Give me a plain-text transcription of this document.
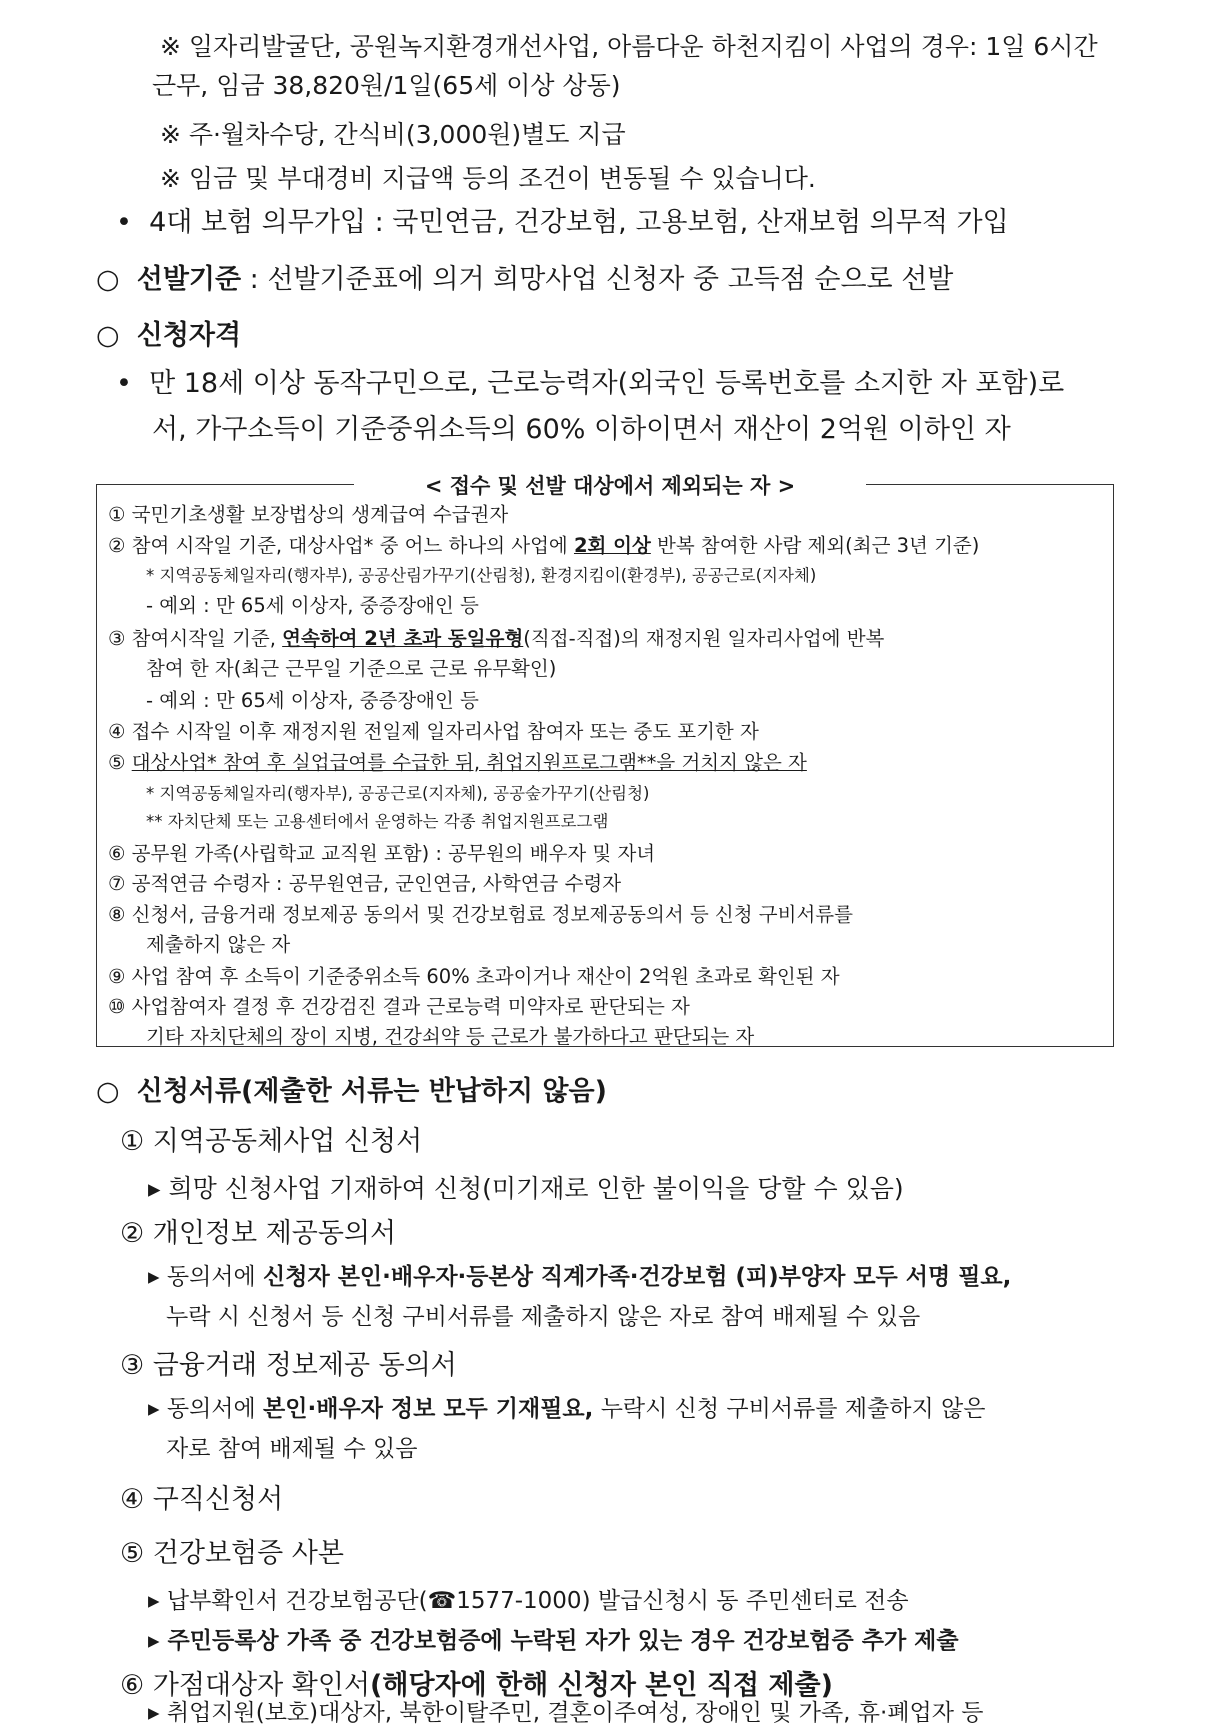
※ 일자리발굴단, 공원녹지환경개선사업, 아름다운 하천지킴이 사업의 경우: 1일 6시간
근무, 임금 38,820원/1일(65세 이상 상동)
※ 주·월차수당, 간식비(3,000원)별도 지급
※ 임금 및 부대경비 지급액 등의 조건이 변동될 수 있습니다.
•  4대 보험 의무가입 : 국민연금, 건강보험, 고용보험, 산재보험 의무적 가입
○ 선발기준 : 선발기준표에 의거 희망사업 신청자 중 고득점 순으로 선발
○ 신청자격
•  만 18세 이상 동작구민으로, 근로능력자(외국인 등록번호를 소지한 자 포함)로
서, 가구소득이 기준중위소득의 60% 이하이면서 재산이 2억원 이하인 자
< 접수 및 선발 대상에서 제외되는 자 >
① 국민기초생활 보장법상의 생계급여 수급권자
② 참여 시작일 기준, 대상사업* 중 어느 하나의 사업에 2회 이상 반복 참여한 사람 제외(최근 3년 기준)
* 지역공동체일자리(행자부), 공공산림가꾸기(산림청), 환경지킴이(환경부), 공공근로(지자체)
- 예외 : 만 65세 이상자, 중증장애인 등
③ 참여시작일 기준, 연속하여 2년 초과 동일유형(직접-직접)의 재정지원 일자리사업에 반복
참여 한 자(최근 근무일 기준으로 근로 유무확인)
- 예외 : 만 65세 이상자, 중증장애인 등
④ 접수 시작일 이후 재정지원 전일제 일자리사업 참여자 또는 중도 포기한 자
⑤ 대상사업* 참여 후 실업급여를 수급한 뒤, 취업지원프로그램**을 거치지 않은 자
* 지역공동체일자리(행자부), 공공근로(지자체), 공공숲가꾸기(산림청)
** 자치단체 또는 고용센터에서 운영하는 각종 취업지원프로그램
⑥ 공무원 가족(사립학교 교직원 포함) : 공무원의 배우자 및 자녀
⑦ 공적연금 수령자 : 공무원연금, 군인연금, 사학연금 수령자
⑧ 신청서, 금융거래 정보제공 동의서 및 건강보험료 정보제공동의서 등 신청 구비서류를
제출하지 않은 자
⑨ 사업 참여 후 소득이 기준중위소득 60% 초과이거나 재산이 2억원 초과로 확인된 자
⑩ 사업참여자 결정 후 건강검진 결과 근로능력 미약자로 판단되는 자
기타 자치단체의 장이 지병, 건강쇠약 등 근로가 불가하다고 판단되는 자
○ 신청서류(제출한 서류는 반납하지 않음)
① 지역공동체사업 신청서
▸ 희망 신청사업 기재하여 신청(미기재로 인한 불이익을 당할 수 있음)
② 개인정보 제공동의서
▸ 동의서에 신청자 본인·배우자·등본상 직계가족·건강보험 (피)부양자 모두 서명 필요,
누락 시 신청서 등 신청 구비서류를 제출하지 않은 자로 참여 배제될 수 있음
③ 금융거래 정보제공 동의서
▸ 동의서에 본인·배우자 정보 모두 기재필요, 누락시 신청 구비서류를 제출하지 않은
자로 참여 배제될 수 있음
④ 구직신청서
⑤ 건강보험증 사본
▸ 납부확인서 건강보험공단(☎1577-1000) 발급신청시 동 주민센터로 전송
▸ 주민등록상 가족 중 건강보험증에 누락된 자가 있는 경우 건강보험증 추가 제출
⑥ 가점대상자 확인서(해당자에 한해 신청자 본인 직접 제출)
▸ 취업지원(보호)대상자, 북한이탈주민, 결혼이주여성, 장애인 및 가족, 휴·폐업자 등
